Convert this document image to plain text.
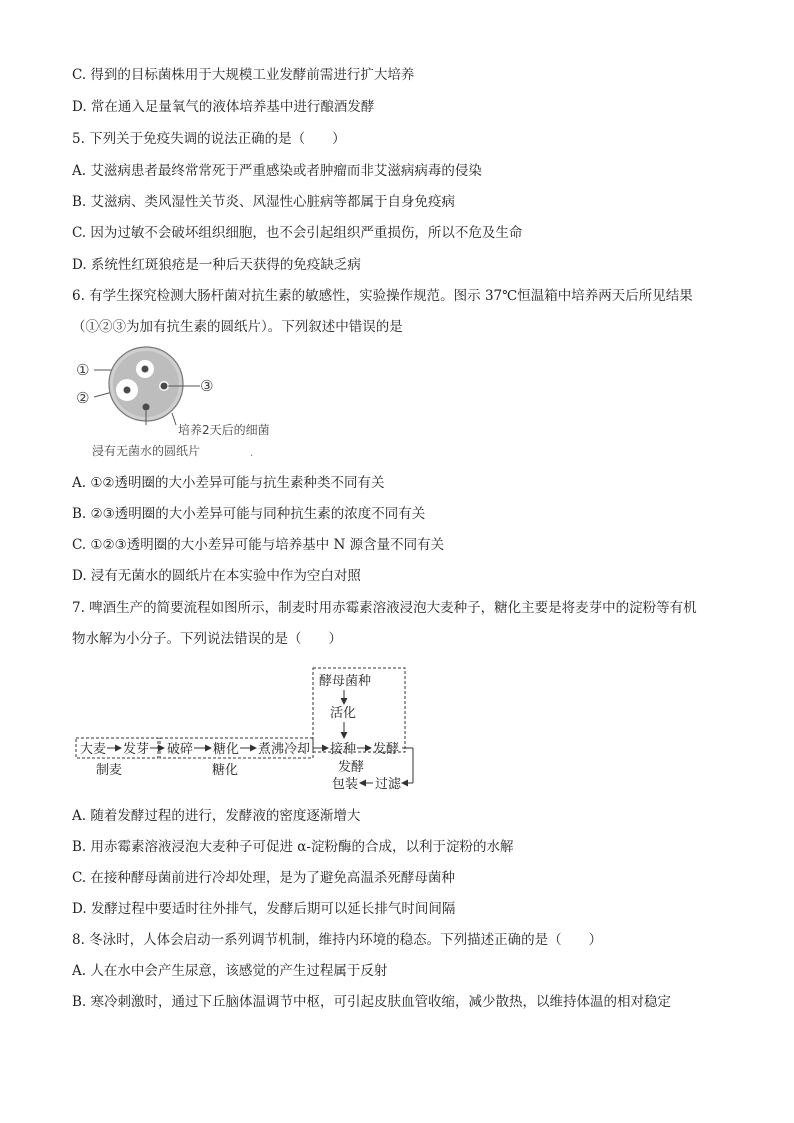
C. 得到的目标菌株用于大规模工业发酵前需进行扩大培养
D. 常在通入足量氧气的液体培养基中进行酿酒发酵
5. 下列关于免疫失调的说法正确的是（　　）
A. 艾滋病患者最终常常死于严重感染或者肿瘤而非艾滋病病毒的侵染
B. 艾滋病、类风湿性关节炎、风湿性心脏病等都属于自身免疫病
C. 因为过敏不会破坏组织细胞，也不会引起组织严重损伤，所以不危及生命
D. 系统性红斑狼疮是一种后天获得的免疫缺乏病
6. 有学生探究检测大肠杆菌对抗生素的敏感性，实验操作规范。图示 37℃恒温箱中培养两天后所见结果
（①②③为加有抗生素的圆纸片）。下列叙述中错误的是
①
②
③
培养2天后的细菌
浸有无菌水的圆纸片	·
A. ①②透明圈的大小差异可能与抗生素种类不同有关
B. ②③透明圈的大小差异可能与同种抗生素的浓度不同有关
C. ①②③透明圈的大小差异可能与培养基中 N 源含量不同有关
D. 浸有无菌水的圆纸片在本实验中作为空白对照
7. 啤酒生产的简要流程如图所示，制麦时用赤霉素溶液浸泡大麦种子，糖化主要是将麦芽中的淀粉等有机
物水解为小分子。下列说法错误的是（　　）
酵母菌种
活化
大麦 发芽 破碎 糖化 煮沸冷却 接种 发酵
制麦	糖化	发酵
包装 过滤
A. 随着发酵过程的进行，发酵液的密度逐渐增大
B. 用赤霉素溶液浸泡大麦种子可促进 α-淀粉酶的合成，以利于淀粉的水解
C. 在接种酵母菌前进行冷却处理，是为了避免高温杀死酵母菌种
D. 发酵过程中要适时往外排气，发酵后期可以延长排气时间间隔
8. 冬泳时，人体会启动一系列调节机制，维持内环境的稳态。下列描述正确的是（　　）
A. 人在水中会产生尿意，该感觉的产生过程属于反射
B. 寒冷刺激时，通过下丘脑体温调节中枢，可引起皮肤血管收缩，减少散热，以维持体温的相对稳定
